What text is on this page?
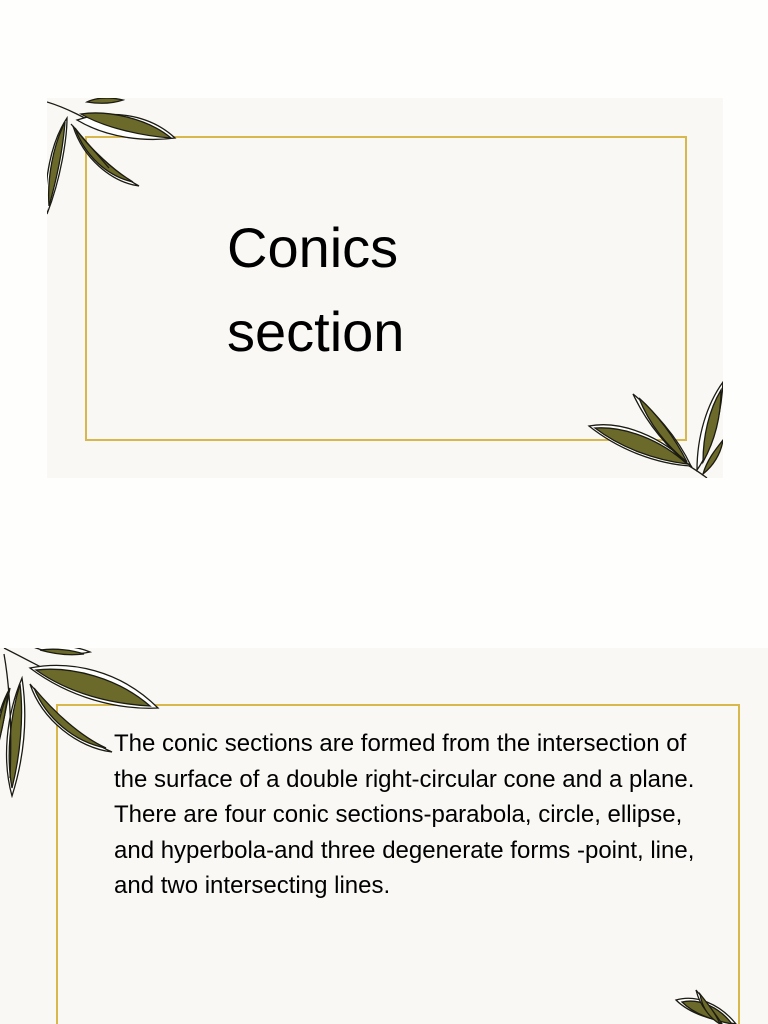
Conics section

The conic sections are formed from the intersection of the surface of a double right-circular cone and a plane. There are four conic sections-parabola, circle, ellipse, and hyperbola-and three degenerate forms -point, line, and two intersecting lines.
